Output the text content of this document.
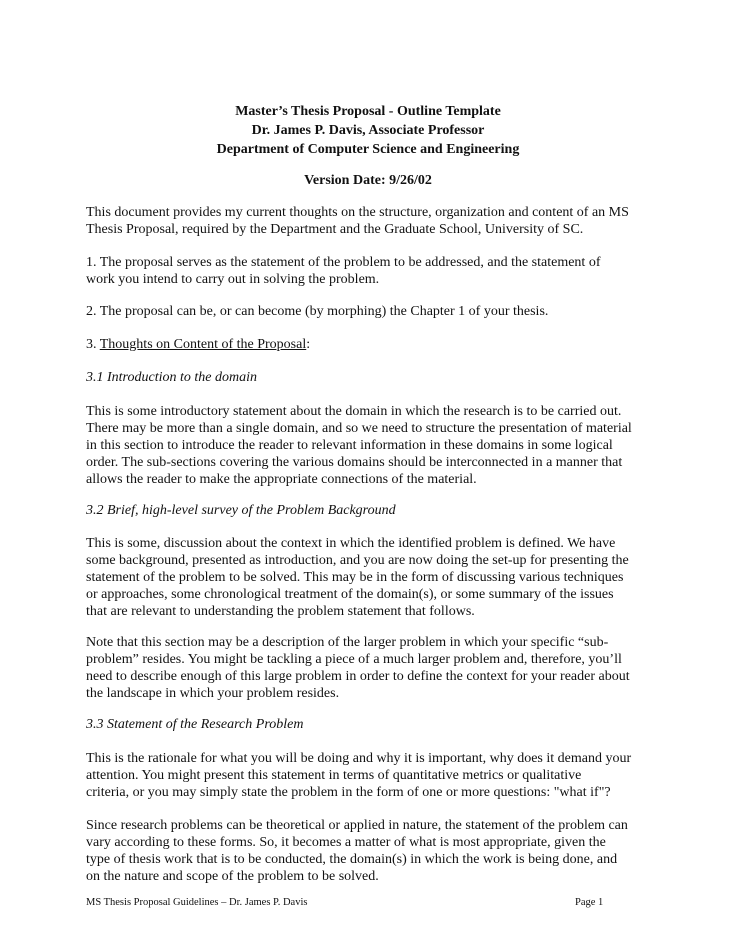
Master’s Thesis Proposal - Outline Template
Dr. James P. Davis, Associate Professor
Department of Computer Science and Engineering
Version Date: 9/26/02
This document provides my current thoughts on the structure, organization and content of an MS
Thesis Proposal, required by the Department and the Graduate School, University of SC.
1. The proposal serves as the statement of the problem to be addressed, and the statement of
work you intend to carry out in solving the problem.
2. The proposal can be, or can become (by morphing) the Chapter 1 of your thesis.
3. Thoughts on Content of the Proposal:
3.1 Introduction to the domain
This is some introductory statement about the domain in which the research is to be carried out.
There may be more than a single domain, and so we need to structure the presentation of material
in this section to introduce the reader to relevant information in these domains in some logical
order. The sub-sections covering the various domains should be interconnected in a manner that
allows the reader to make the appropriate connections of the material.
3.2 Brief, high-level survey of the Problem Background
This is some, discussion about the context in which the identified problem is defined. We have
some background, presented as introduction, and you are now doing the set-up for presenting the
statement of the problem to be solved. This may be in the form of discussing various techniques
or approaches, some chronological treatment of the domain(s), or some summary of the issues
that are relevant to understanding the problem statement that follows.
Note that this section may be a description of the larger problem in which your specific “sub-
problem” resides. You might be tackling a piece of a much larger problem and, therefore, you’ll
need to describe enough of this large problem in order to define the context for your reader about
the landscape in which your problem resides.
3.3 Statement of the Research Problem
This is the rationale for what you will be doing and why it is important, why does it demand your
attention. You might present this statement in terms of quantitative metrics or qualitative
criteria, or you may simply state the problem in the form of one or more questions: "what if"?
Since research problems can be theoretical or applied in nature, the statement of the problem can
vary according to these forms. So, it becomes a matter of what is most appropriate, given the
type of thesis work that is to be conducted, the domain(s) in which the work is being done, and
on the nature and scope of the problem to be solved.
MS Thesis Proposal Guidelines – Dr. James P. Davis	Page 1
